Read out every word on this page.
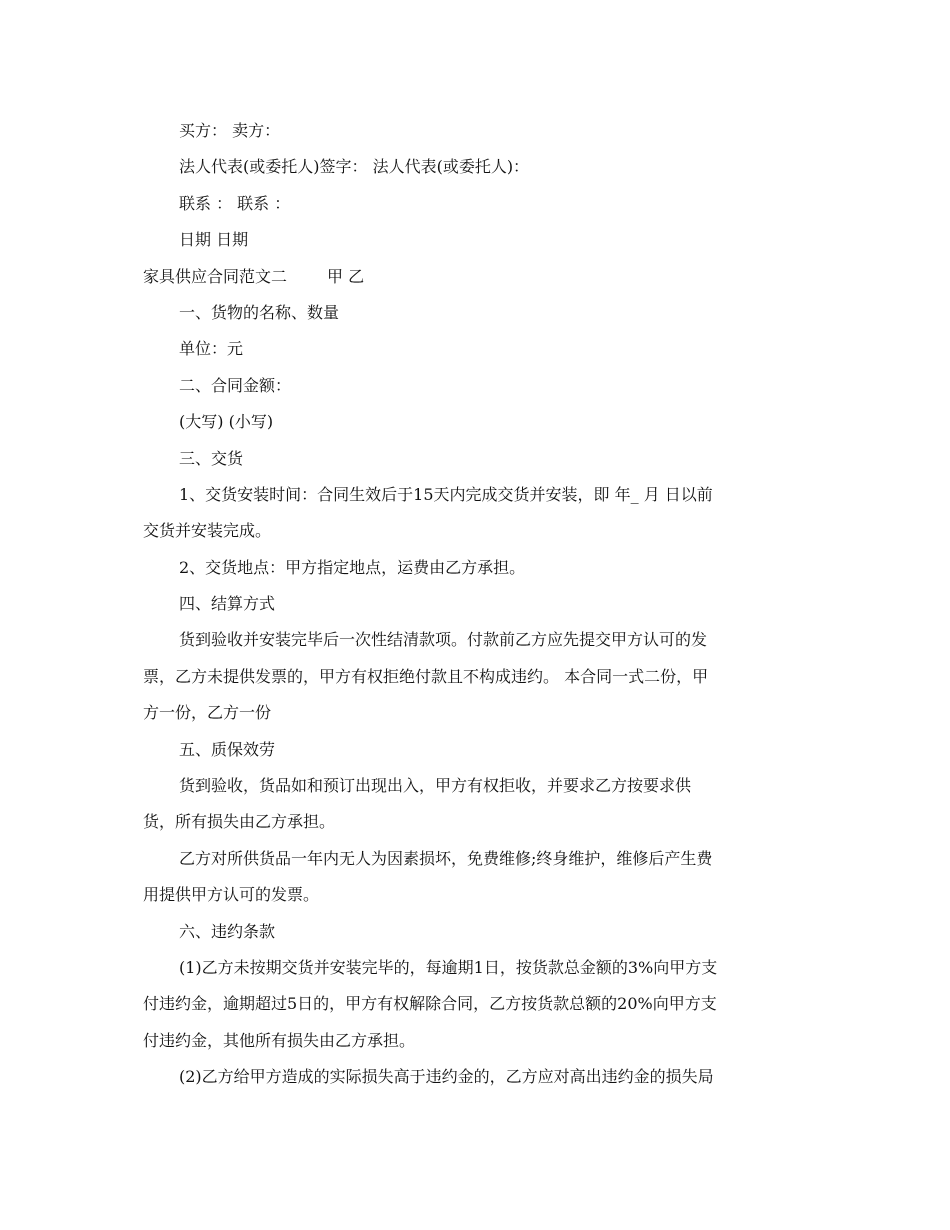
买方： 卖方：
法人代表(或委托人)签字： 法人代表(或委托人)：
联系 ： 联系 ：
日期 日期
家具供应合同范文二	甲 乙
一、货物的名称、数量
单位：元
二、合同金额：
(大写) (小写)
三、交货
1、交货安装时间：合同生效后于15天内完成交货并安装，即 年_ 月 日以前
交货并安装完成。
2、交货地点：甲方指定地点，运费由乙方承担。
四、结算方式
货到验收并安装完毕后一次性结清款项。付款前乙方应先提交甲方认可的发
票，乙方未提供发票的，甲方有权拒绝付款且不构成违约。 本合同一式二份，甲
方一份，乙方一份
五、质保效劳
货到验收，货品如和预订出现出入，甲方有权拒收，并要求乙方按要求供
货，所有损失由乙方承担。
乙方对所供货品一年内无人为因素损坏，免费维修;终身维护，维修后产生费
用提供甲方认可的发票。
六、违约条款
(1)乙方未按期交货并安装完毕的，每逾期1日，按货款总金额的3%向甲方支
付违约金，逾期超过5日的，甲方有权解除合同，乙方按货款总额的20%向甲方支
付违约金，其他所有损失由乙方承担。
(2)乙方给甲方造成的实际损失高于违约金的，乙方应对高出违约金的损失局
